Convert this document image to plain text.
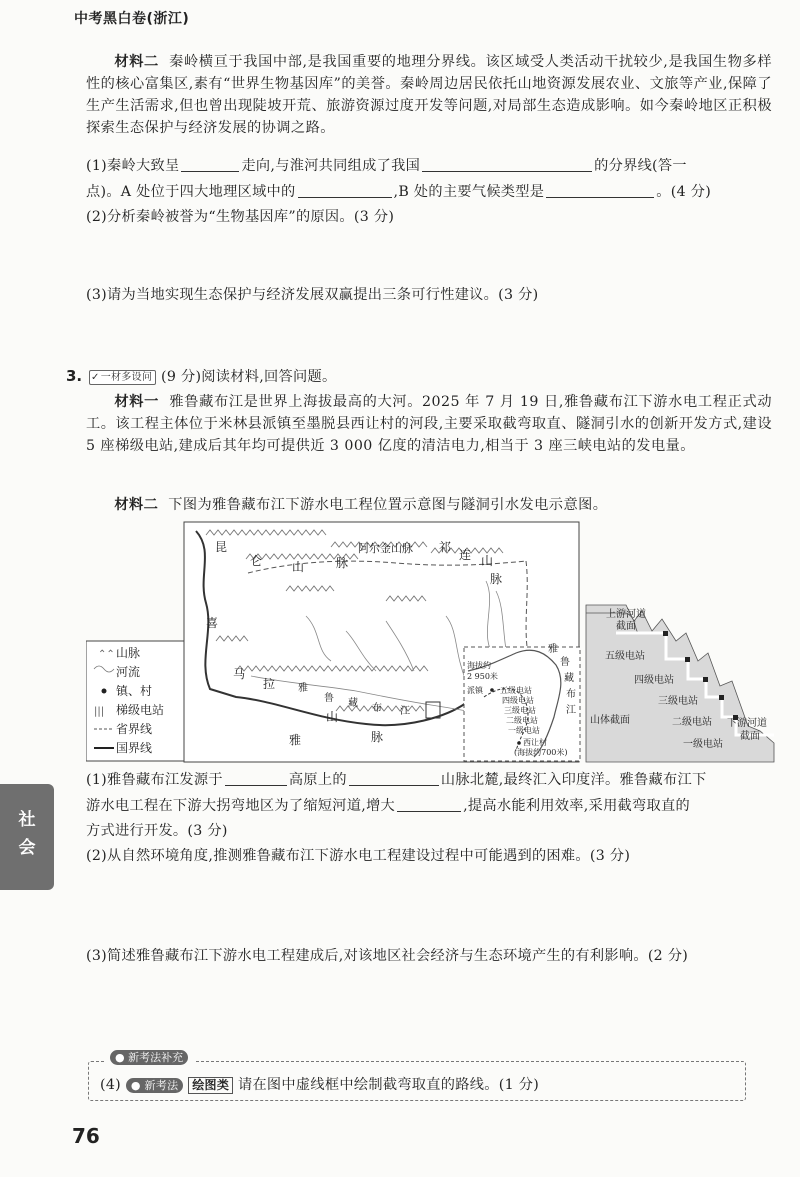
中考黑白卷(浙江)

材料二 秦岭横亘于我国中部,是我国重要的地理分界线。该区域受人类活动干扰较少,是我国生物多样性的核心富集区,素有“世界生物基因库”的美誉。秦岭周边居民依托山地资源发展农业、文旅等产业,保障了生产生活需求,但也曾出现陡坡开荒、旅游资源过度开发等问题,对局部生态造成影响。如今秦岭地区正积极探索生态保护与经济发展的协调之路。

(1)秦岭大致呈	走向,与淮河共同组成了我国	的分界线(答一
点)。A 处位于四大地理区域中的	,B 处的主要气候类型是	。(4 分)
(2)分析秦岭被誉为“生物基因库”的原因。(3 分)
(3)请为当地实现生态保护与经济发展双赢提出三条可行性建议。(3 分)
3. ✓一材多设问 (9 分)阅读材料,回答问题。

材料一 雅鲁藏布江是世界上海拔最高的大河。2025 年 7 月 19 日,雅鲁藏布江下游水电工程正式动工。该工程主体位于米林县派镇至墨脱县西让村的河段,主要采取截弯取直、隧洞引水的创新开发方式,建设 5 座梯级电站,建成后其年均可提供近 3 000 亿度的清洁电力,相当于 3 座三峡电站的发电量。

材料二 下图为雅鲁藏布江下游水电工程位置示意图与隧洞引水发电示意图。

昆
仑 山	脉
阿尔金山脉 祁
连 山
脉
喜
马
拉
雅
山
脉
雅
鲁 藏 布 江
⌃⌃ 山脉
河流
镇、村
||| 梯级电站
省界线
国界线
海拔约
2 950米
派镇 五级电站
四级电站
三级电站
二级电站
一级电站
西让村
(海拔约700米)
雅
鲁
藏
布
江
上游河道
截面
五级电站
四级电站
三级电站
二级电站
一级电站
山体截面	下游河道
截面
(1)雅鲁藏布江发源于	高原上的	山脉北麓,最终汇入印度洋。雅鲁藏布江下
游水电工程在下游大拐弯地区为了缩短河道,增大	,提高水能利用效率,采用截弯取直的
方式进行开发。(3 分)
(2)从自然环境角度,推测雅鲁藏布江下游水电工程建设过程中可能遇到的困难。(3 分)
(3)简述雅鲁藏布江下游水电工程建成后,对该地区社会经济与生态环境产生的有利影响。(2 分)
● 新考法补充
(4) ● 新考法 绘图类 请在图中虚线框中绘制截弯取直的路线。(1 分)
社会
76
